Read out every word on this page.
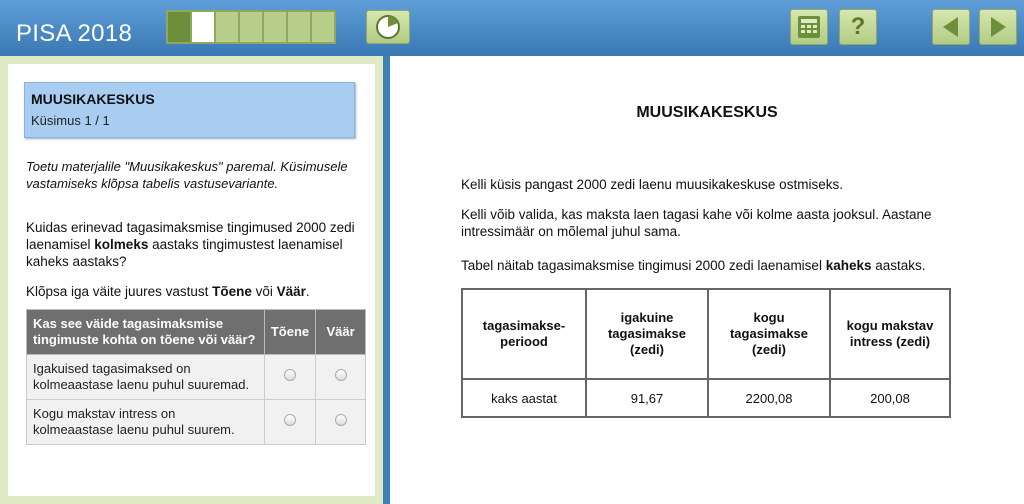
PISA 2018	?
MUUSIKAKESKUS
Küsimus 1 / 1
Toetu materjalile "Muusikakeskus" paremal. Küsimusele vastamiseks klõpsa tabelis vastusevariante.
Kuidas erinevad tagasimaksmise tingimused 2000 zedi laenamisel kolmeks aastaks tingimustest laenamisel kaheks aastaks?
Klõpsa iga väite juures vastust Tõene või Väär.
Kas see väide tagasimaksmise tingimuste kohta on tõene või väär?	Tõene	Väär
Igakuised tagasimaksed on kolmeaastase laenu puhul suuremad.		
Kogu makstav intress on kolmeaastase laenu puhul suurem.		
MUUSIKAKESKUS
Kelli küsis pangast 2000 zedi laenu muusikakeskuse ostmiseks.
Kelli võib valida, kas maksta laen tagasi kahe või kolme aasta jooksul. Aastane intressimäär on mõlemal juhul sama.
Tabel näitab tagasimaksmise tingimusi 2000 zedi laenamisel kaheks aastaks.
tagasimakse-periood	igakuine tagasimakse (zedi)	kogu tagasimakse (zedi)	kogu makstav intress (zedi)
kaks aastat	91,67	2200,08	200,08
